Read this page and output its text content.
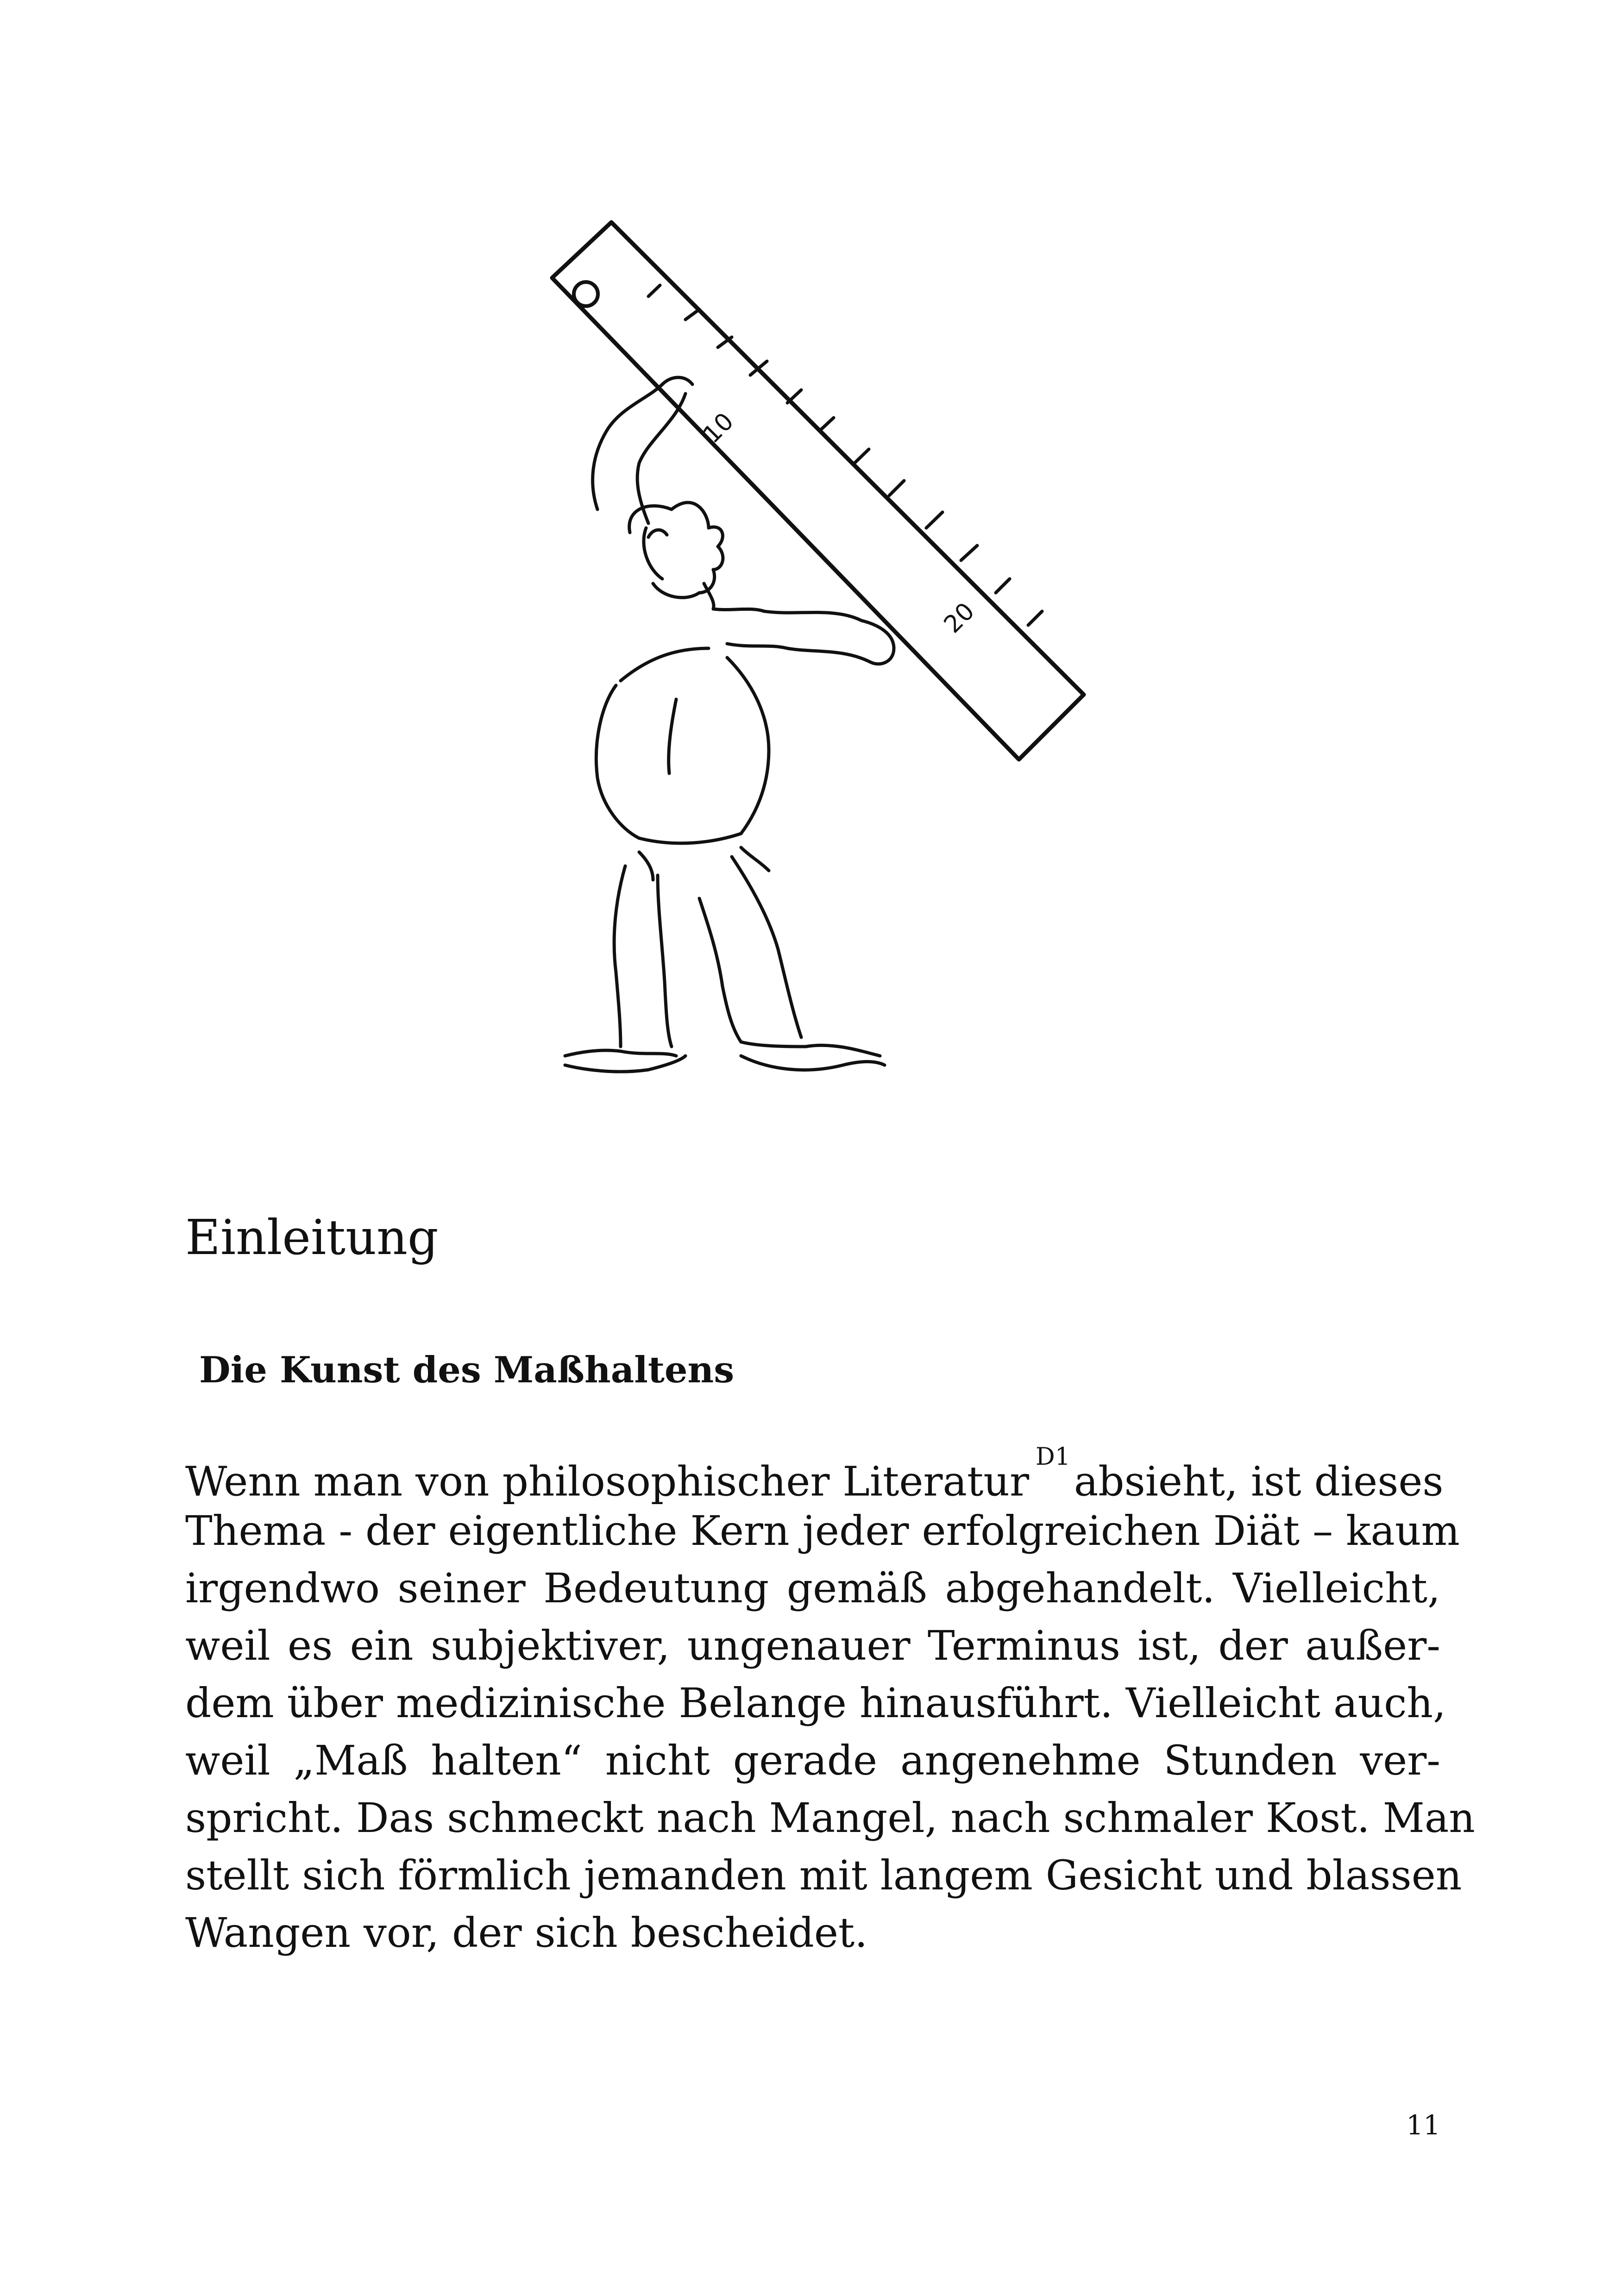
10
20
Einleitung
Die Kunst des Maßhaltens
Wenn man von philosophischer Literatur$^{D1}$absieht, ist dieses
Thema - der eigentliche Kern jeder erfolgreichen Diät – kaum
irgendwo seiner Bedeutung gemäß abgehandelt. Vielleicht,
weil es ein subjektiver, ungenauer Terminus ist, der außer-
dem über medizinische Belange hinausführt. Vielleicht auch,
weil „Maß halten“ nicht gerade angenehme Stunden ver-
spricht. Das schmeckt nach Mangel, nach schmaler Kost. Man
stellt sich förmlich jemanden mit langem Gesicht und blassen
Wangen vor, der sich bescheidet.
11
